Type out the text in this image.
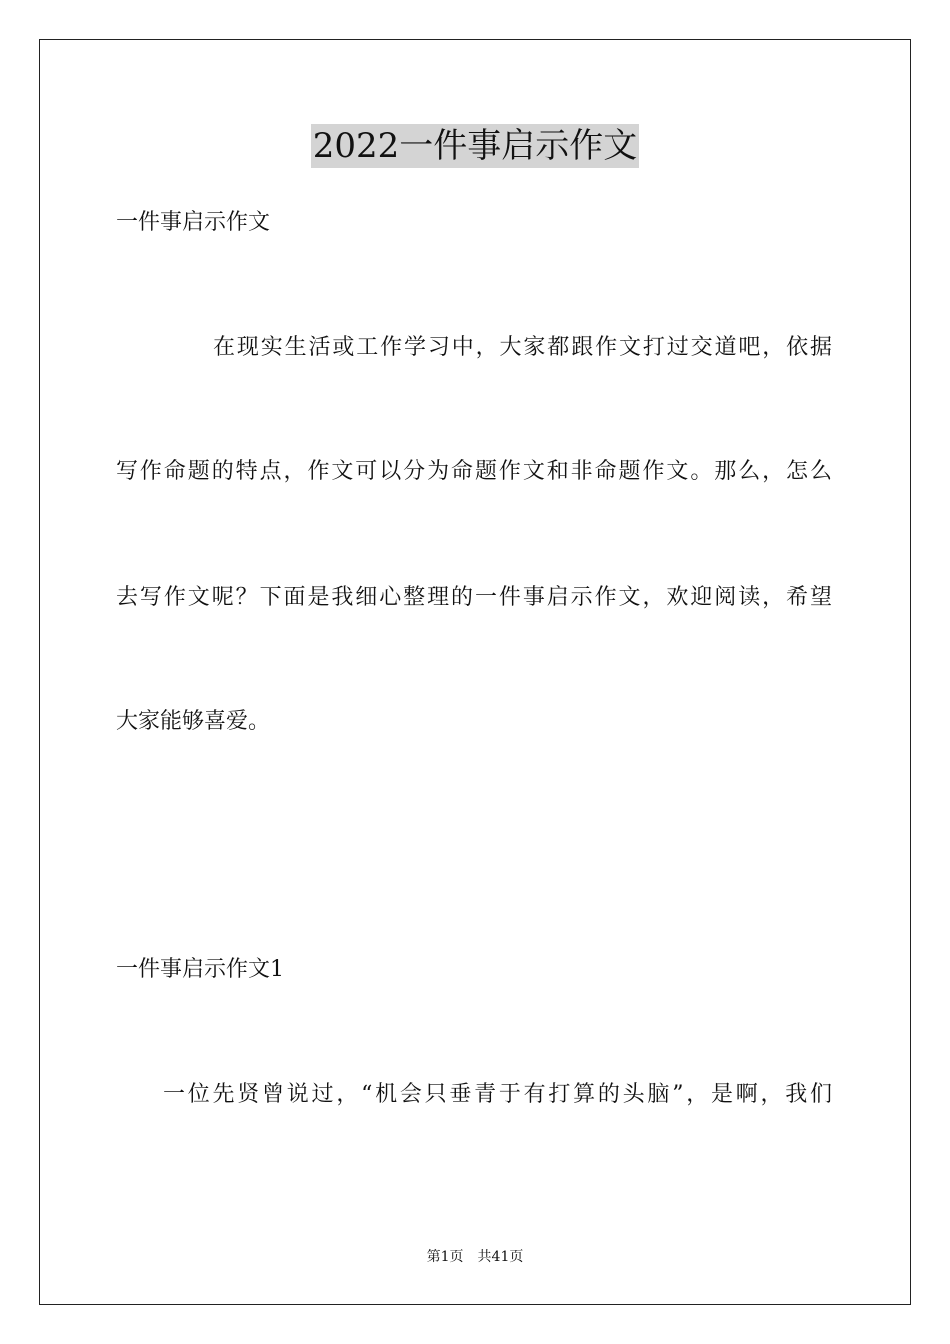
2022一件事启示作文
一件事启示作文
在现实生活或工作学习中，大家都跟作文打过交道吧，依据
写作命题的特点，作文可以分为命题作文和非命题作文。那么，怎么
去写作文呢？下面是我细心整理的一件事启示作文，欢迎阅读，希望
大家能够喜爱。
一件事启示作文1
一位先贤曾说过，“机会只垂青于有打算的头脑”，是啊，我们
第1页 共41页
